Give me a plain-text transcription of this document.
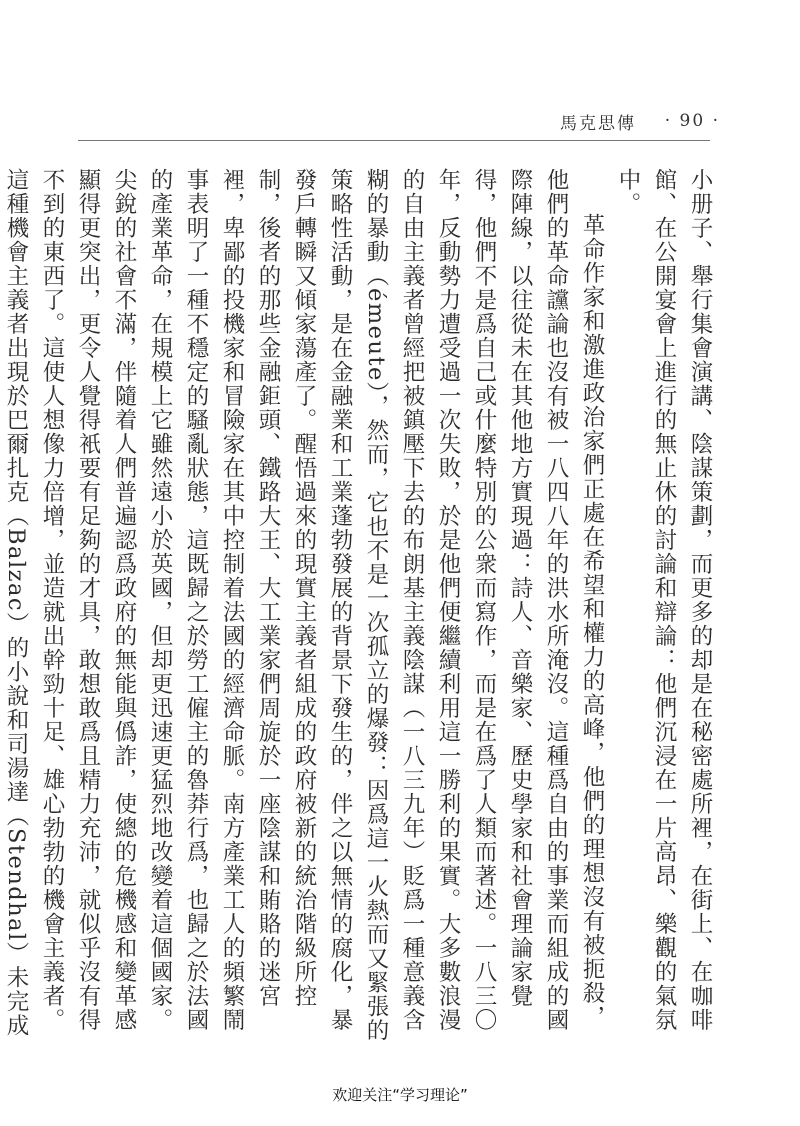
馬克思傳 · 90 ·

小册子、舉行集會演講、陰謀策劃，而更多的却是在秘密處所裡，在街上、在咖啡館、在公開宴會上進行的無止休的討論和辯論：他們沉浸在一片高昂、樂觀的氣氛中。

革命作家和激進政治家們正處在希望和權力的高峰，他們的理想沒有被扼殺，他們的革命讜論也沒有被一八四八年的洪水所淹沒。這種爲自由的事業而組成的國際陣線，以往從未在其他地方實現過：詩人、音樂家、歷史學家和社會理論家覺得，他們不是爲自己或什麼特別的公衆而寫作，而是在爲了人類而著述。一八三〇年，反動勢力遭受過一次失敗，於是他們便繼續利用這一勝利的果實。大多數浪漫的自由主義者曾經把被鎮壓下去的布朗基主義陰謀（一八三九年）貶爲一種意義含糊的暴動（émeute），然而，它也不是一次孤立的爆發：因爲這一火熱而又緊張的策略性活動，是在金融業和工業蓬勃發展的背景下發生的，伴之以無情的腐化，暴發戶轉瞬又傾家蕩產了。醒悟過來的現實主義者組成的政府被新的統治階級所控制，後者的那些金融鉅頭、鐵路大王、大工業家們周旋於一座陰謀和賄賂的迷宮裡，卑鄙的投機家和冒險家在其中控制着法國的經濟命脈。南方產業工人的頻繁鬧事表明了一種不穩定的騷亂狀態，這既歸之於勞工僱主的魯莽行爲，也歸之於法國的產業革命，在規模上它雖然遠小於英國，但却更迅速更猛烈地改變着這個國家。尖銳的社會不滿，伴隨着人們普遍認爲政府的無能與僞詐，使總的危機感和變革感顯得更突出，更令人覺得衹要有足夠的才具，敢想敢爲且精力充沛，就似乎沒有得不到的東西了。這使人想像力倍增，並造就出幹勁十足、雄心勃勃的機會主義者。這種機會主義者出現於巴爾扎克（Balzac）的小說和司湯達（Stendhal）未完成

欢迎关注“学习理论”
